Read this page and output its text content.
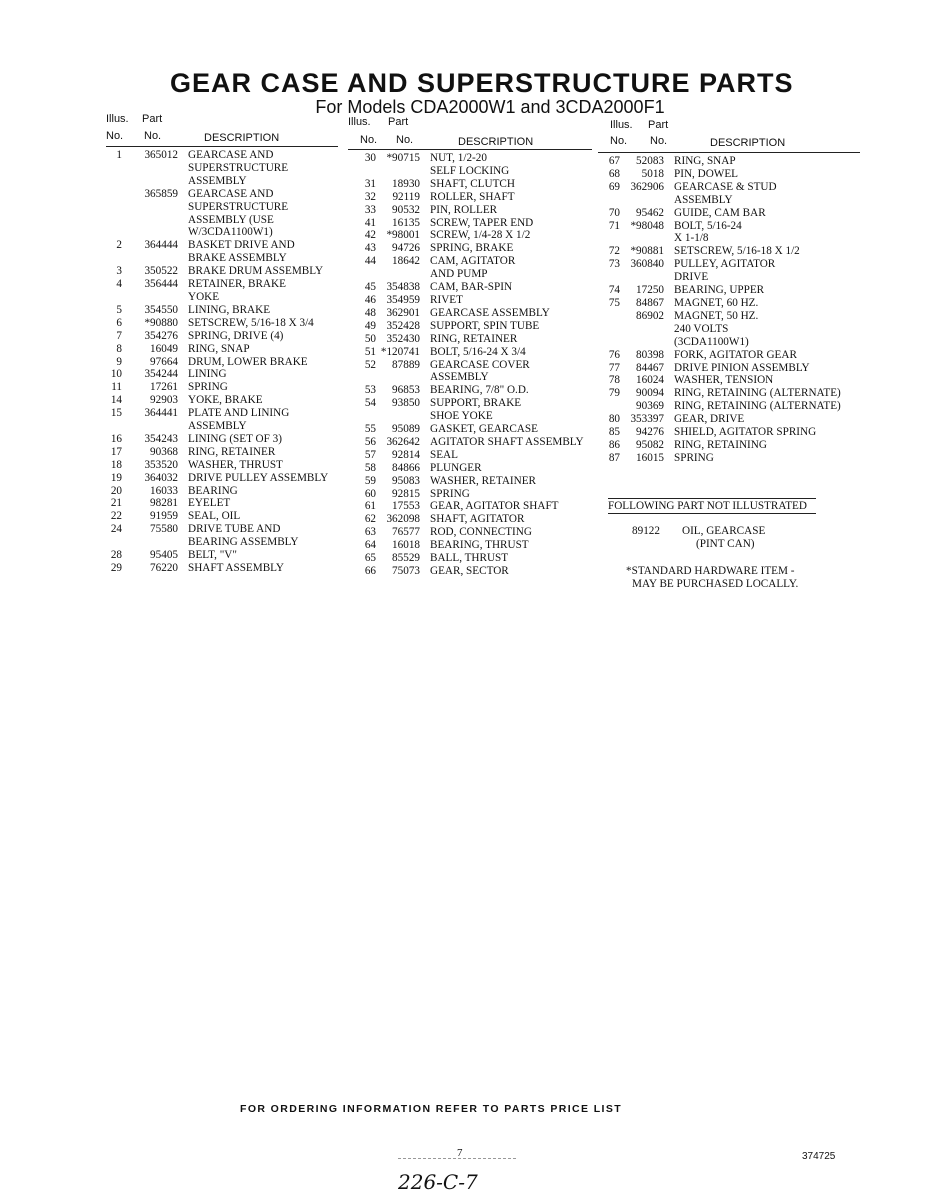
GEAR CASE AND SUPERSTRUCTURE PARTS
For Models CDA2000W1 and 3CDA2000F1
Illus. Part
No. No.	DESCRIPTION
1	365012 GEARCASE AND
SUPERSTRUCTURE
ASSEMBLY
365859 GEARCASE AND
SUPERSTRUCTURE
ASSEMBLY (USE
W/3CDA1100W1)
2	364444 BASKET DRIVE AND
BRAKE ASSEMBLY
3	350522 BRAKE DRUM ASSEMBLY
4	356444 RETAINER, BRAKE
YOKE
5	354550 LINING, BRAKE
6	*90880 SETSCREW, 5/16-18 X 3/4
7	354276 SPRING, DRIVE (4)
8	16049 RING, SNAP
9	97664 DRUM, LOWER BRAKE
10	354244 LINING
11	17261 SPRING
14	92903 YOKE, BRAKE
15	364441 PLATE AND LINING
ASSEMBLY
16	354243 LINING (SET OF 3)
17	90368 RING, RETAINER
18	353520 WASHER, THRUST
19	364032 DRIVE PULLEY ASSEMBLY
20	16033 BEARING
21	98281 EYELET
22	91959 SEAL, OIL
24	75580 DRIVE TUBE AND
BEARING ASSEMBLY
28	95405 BELT, "V"
29	76220 SHAFT ASSEMBLY
Illus. Part
No. No.	DESCRIPTION
30 *90715 NUT, 1/2-20
SELF LOCKING
31	18930 SHAFT, CLUTCH
32	92119 ROLLER, SHAFT
33	90532 PIN, ROLLER
41	16135 SCREW, TAPER END
42 *98001 SCREW, 1/4-28 X 1/2
43	94726 SPRING, BRAKE
44	18642 CAM, AGITATOR
AND PUMP
45 354838 CAM, BAR-SPIN
46 354959 RIVET
48 362901 GEARCASE ASSEMBLY
49 352428 SUPPORT, SPIN TUBE
50 352430 RING, RETAINER
51 *120741 BOLT, 5/16-24 X 3/4
52	87889 GEARCASE COVER
ASSEMBLY
53	96853 BEARING, 7/8" O.D.
54	93850 SUPPORT, BRAKE
SHOE YOKE
55	95089 GASKET, GEARCASE
56 362642 AGITATOR SHAFT ASSEMBLY
57	92814 SEAL
58	84866 PLUNGER
59	95083 WASHER, RETAINER
60	92815 SPRING
61	17553 GEAR, AGITATOR SHAFT
62 362098 SHAFT, AGITATOR
63	76577 ROD, CONNECTING
64	16018 BEARING, THRUST
65	85529 BALL, THRUST
66	75073 GEAR, SECTOR
Illus. Part
No. No.	DESCRIPTION
67	52083 RING, SNAP
68	5018 PIN, DOWEL
69 362906 GEARCASE & STUD
ASSEMBLY
70	95462 GUIDE, CAM BAR
71 *98048 BOLT, 5/16-24
X 1-1/8
72 *90881 SETSCREW, 5/16-18 X 1/2
73 360840 PULLEY, AGITATOR
DRIVE
74	17250 BEARING, UPPER
75	84867 MAGNET, 60 HZ.
86902 MAGNET, 50 HZ.
240 VOLTS
(3CDA1100W1)
76	80398 FORK, AGITATOR GEAR
77	84467 DRIVE PINION ASSEMBLY
78	16024 WASHER, TENSION
79	90094 RING, RETAINING (ALTERNATE)
90369 RING, RETAINING (ALTERNATE)
80 353397 GEAR, DRIVE
85	94276 SHIELD, AGITATOR SPRING
86	95082 RING, RETAINING
87	16015 SPRING
FOLLOWING PART NOT ILLUSTRATED
89122 OIL, GEARCASE
(PINT CAN)
*STANDARD HARDWARE ITEM -
MAY BE PURCHASED LOCALLY.
FOR ORDERING INFORMATION REFER TO PARTS PRICE LIST
7	374725
226-C-7
